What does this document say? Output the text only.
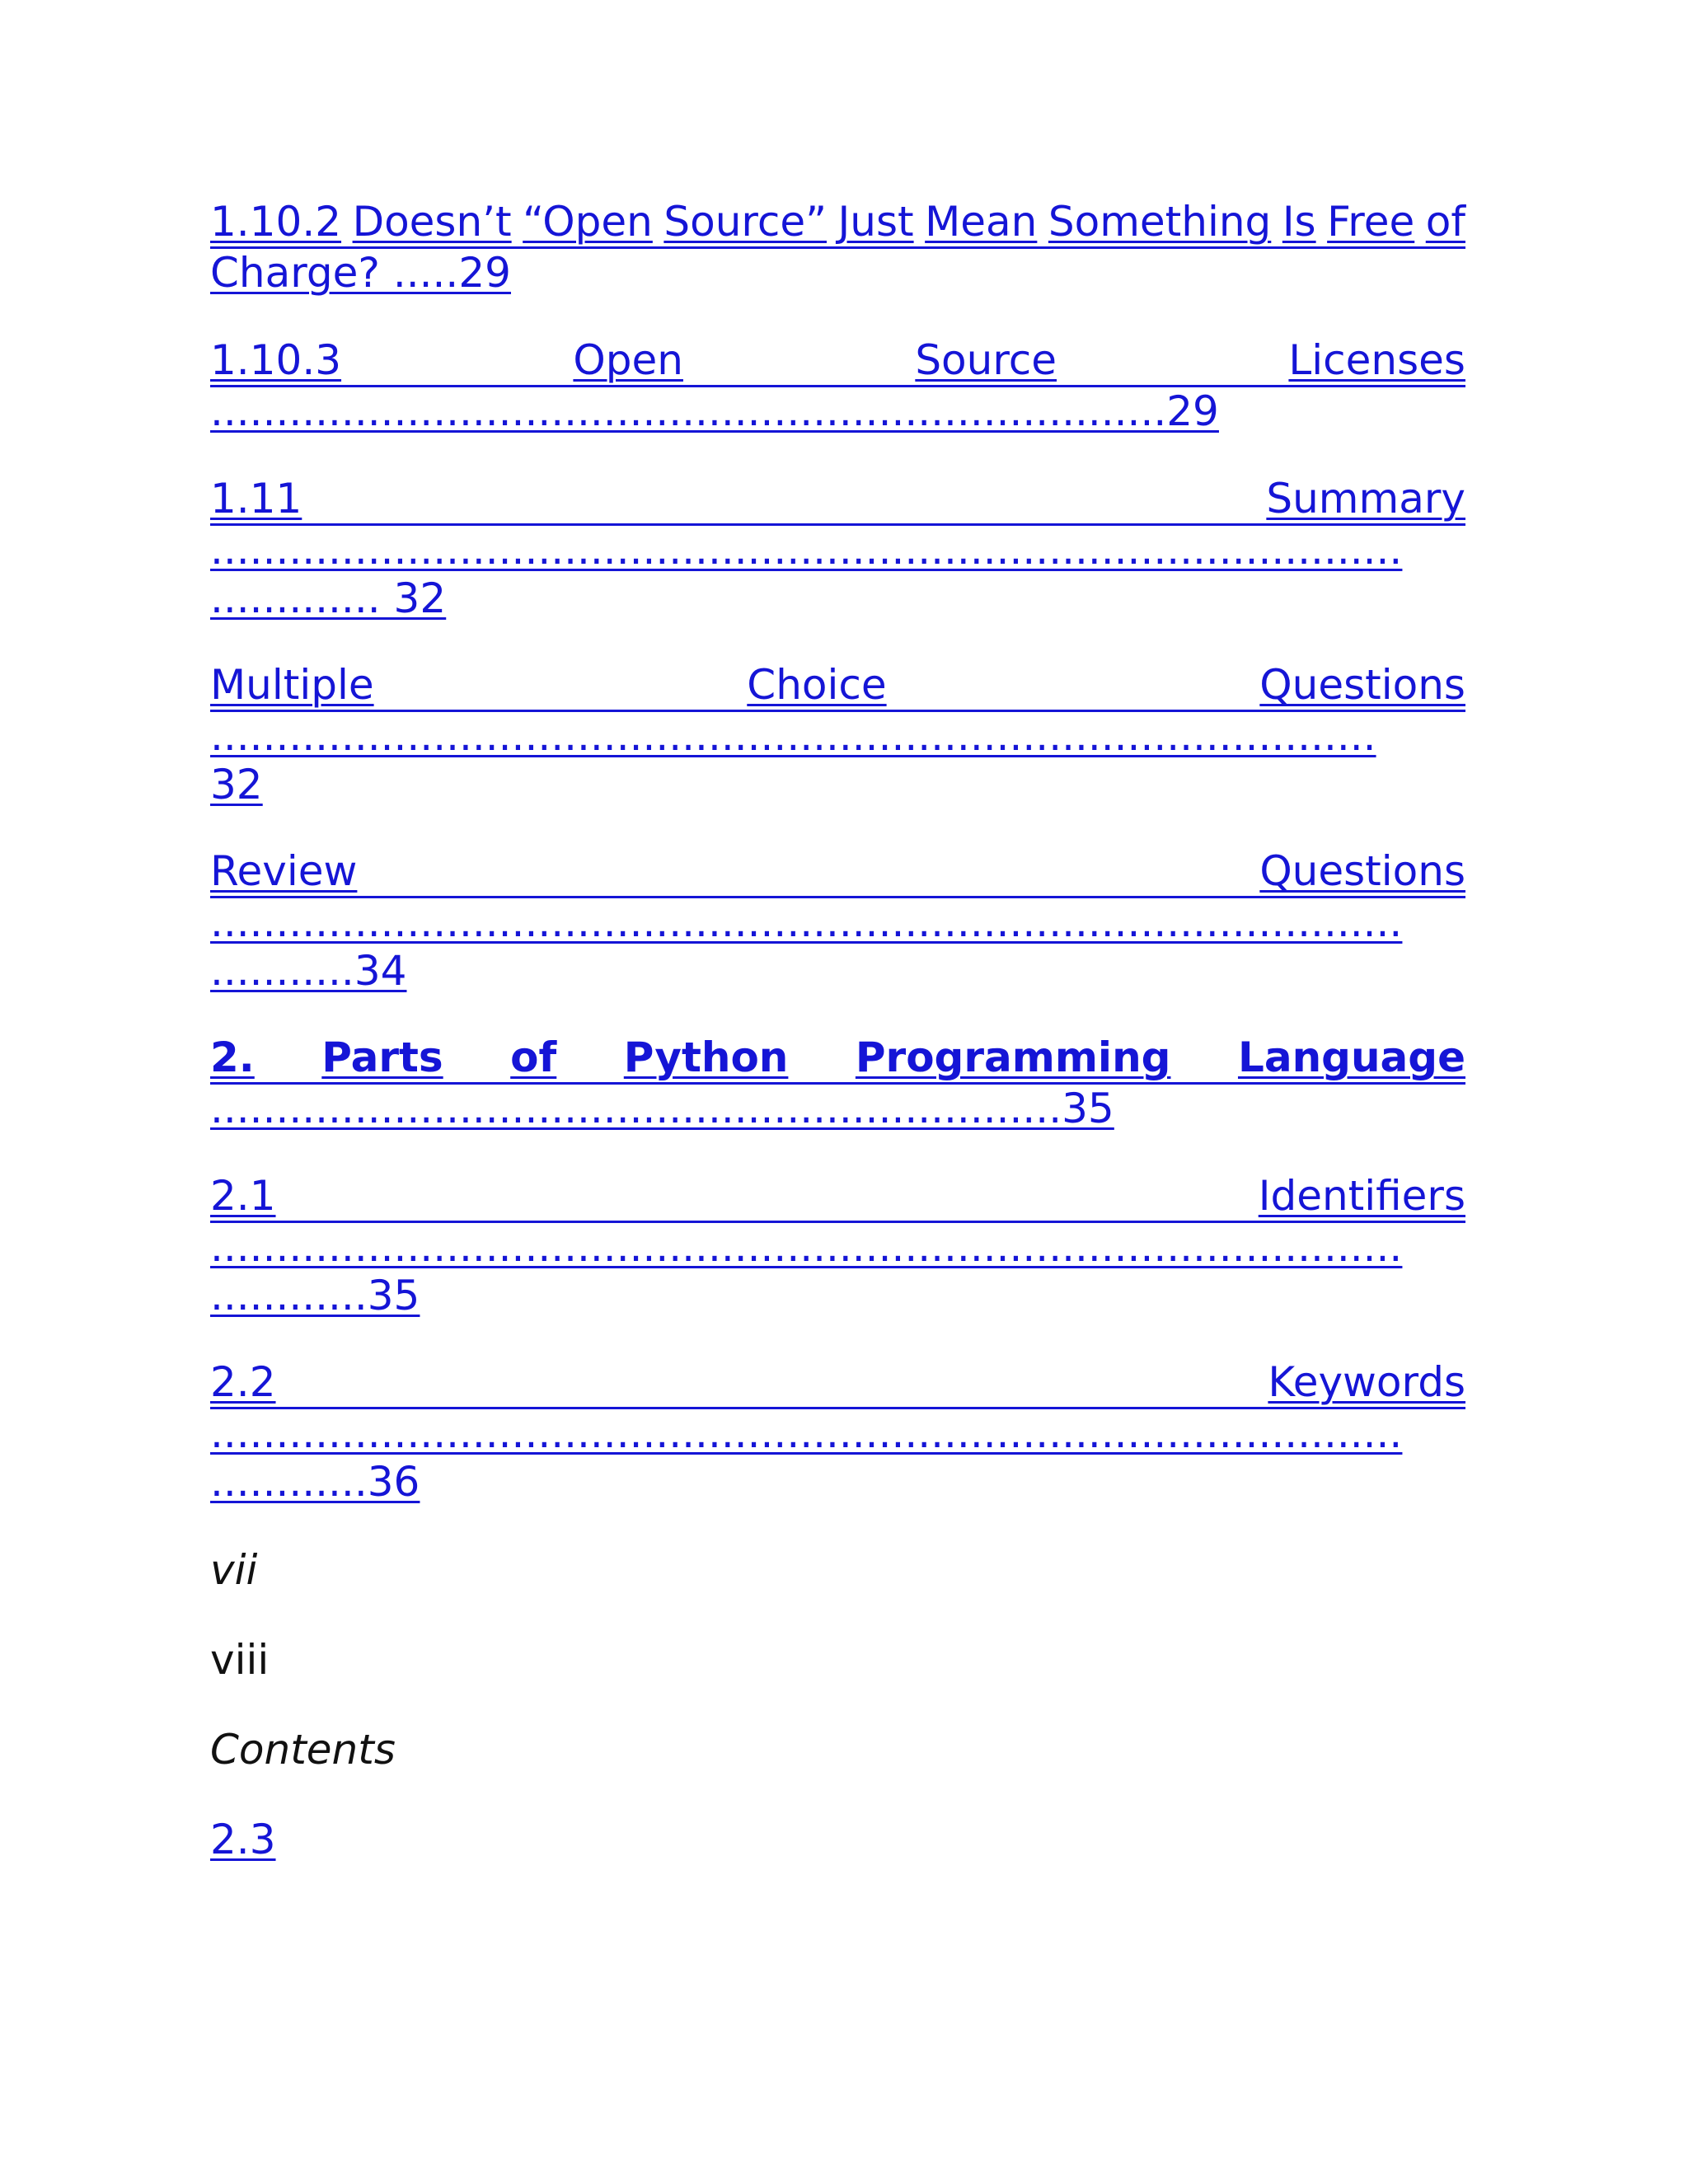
1.10.2 Doesn’t “Open Source” Just Mean Something Is Free of
Charge? .....29
1.10.3	Open	Source	Licenses
.........................................................................29
1.11	Summary
...........................................................................................
............. 32
Multiple	Choice	Questions
.........................................................................................
32
Review	Questions
...........................................................................................
...........34
2. Parts of Python Programming Language
.................................................................35
2.1	Identifiers
...........................................................................................
............35
2.2	Keywords
...........................................................................................
............36
vii
viii
Contents
2.3
